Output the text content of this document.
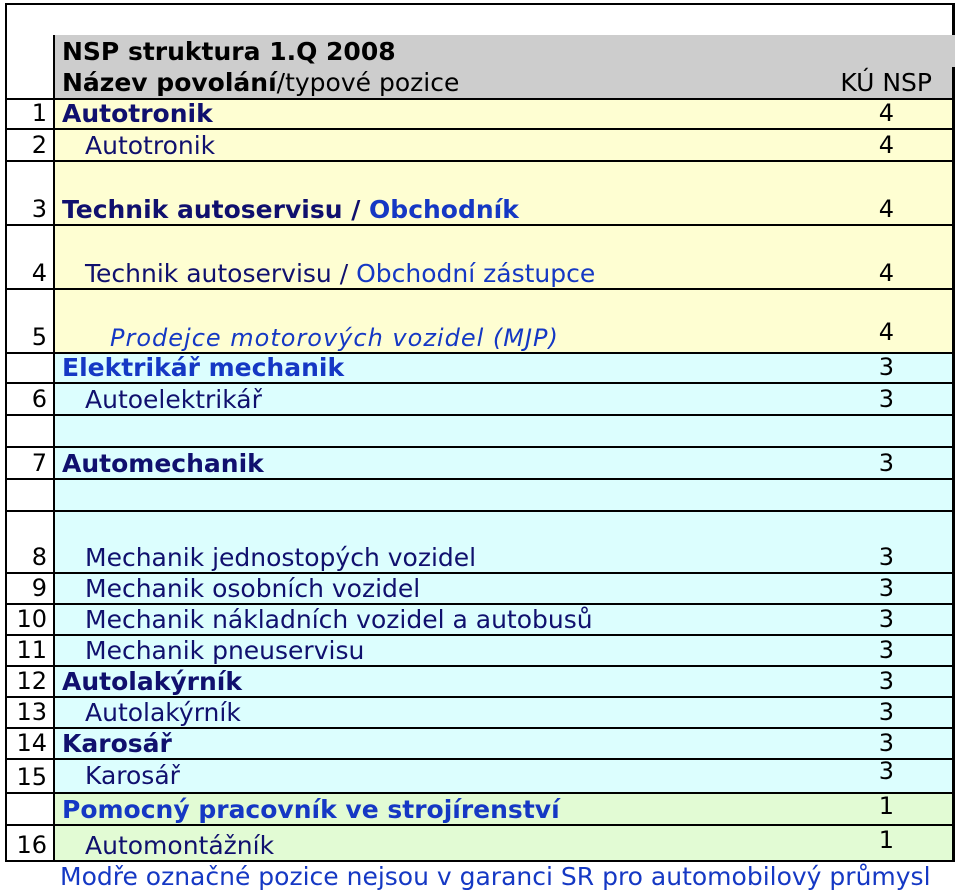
NSP struktura 1.Q 2008
Název povolání/typové pozice	KÚ NSP
1 Autotronik	4
2	Autotronik	4
3 Technik autoservisu / Obchodník	4
4	Technik autoservisu / Obchodní zástupce	4
5	Prodejce motorových vozidel (MJP)	4
Elektrikář mechanik	3
6	Autoelektrikář	3
7 Automechanik	3
8	Mechanik jednostopých vozidel	3
9	Mechanik osobních vozidel	3
10	Mechanik nákladních vozidel a autobusů	3
11	Mechanik pneuservisu	3
12 Autolakýrník	3
13	Autolakýrník	3
14 Karosář	3
15	Karosář	3
Pomocný pracovník ve strojírenství	1
16	Automontážník	1
Modře označné pozice nejsou v garanci SR pro automobilový průmysl
